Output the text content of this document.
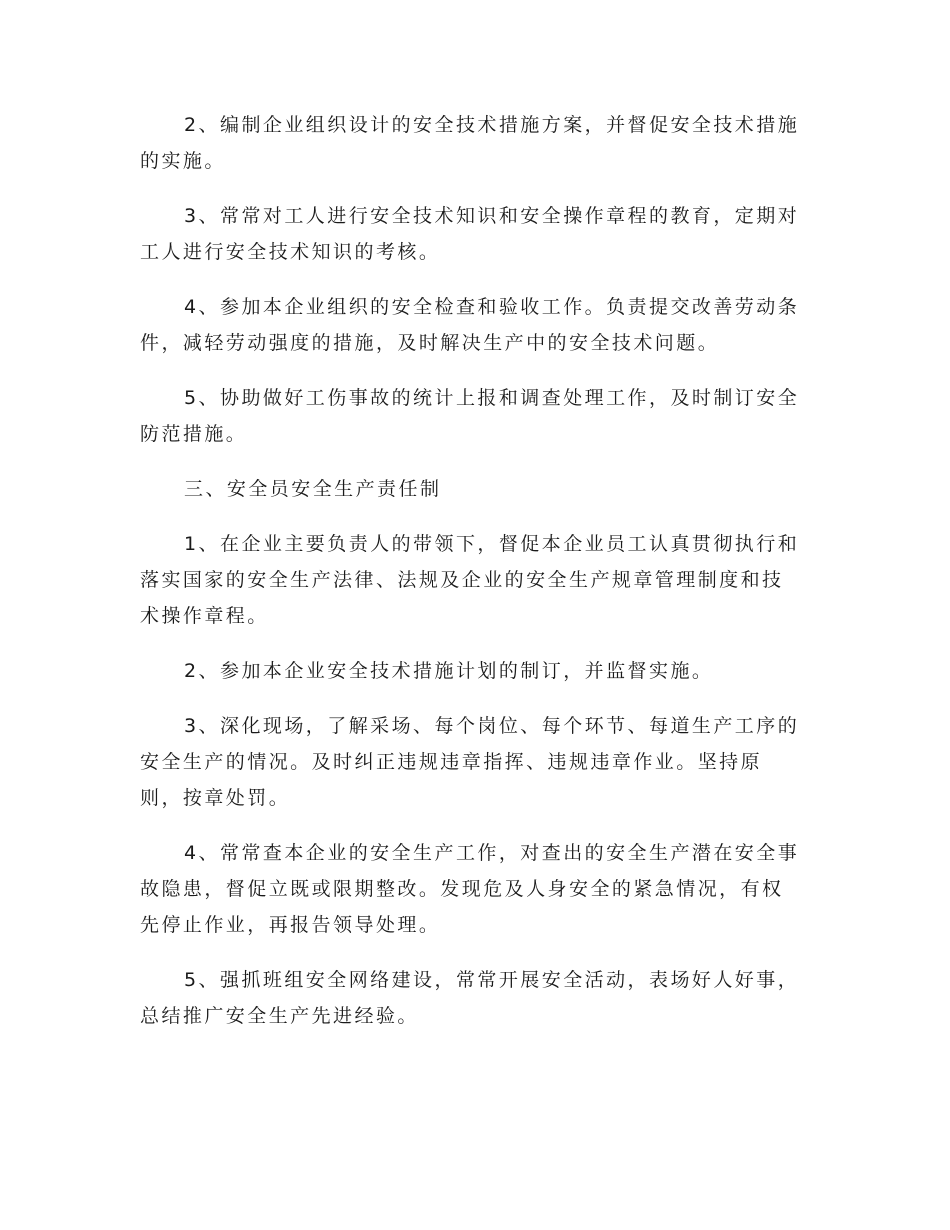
2、编制企业组织设计的安全技术措施方案，并督促安全技术措施
的实施。

3、常常对工人进行安全技术知识和安全操作章程的教育，定期对
工人进行安全技术知识的考核。

4、参加本企业组织的安全检查和验收工作。负责提交改善劳动条
件，减轻劳动强度的措施，及时解决生产中的安全技术问题。

5、协助做好工伤事故的统计上报和调查处理工作，及时制订安全
防范措施。

三、安全员安全生产责任制

1、在企业主要负责人的带领下，督促本企业员工认真贯彻执行和
落实国家的安全生产法律、法规及企业的安全生产规章管理制度和技
术操作章程。

2、参加本企业安全技术措施计划的制订，并监督实施。

3、深化现场，了解采场、每个岗位、每个环节、每道生产工序的
安全生产的情况。及时纠正违规违章指挥、违规违章作业。坚持原
则，按章处罚。

4、常常查本企业的安全生产工作，对查出的安全生产潜在安全事
故隐患，督促立既或限期整改。发现危及人身安全的紧急情况，有权
先停止作业，再报告领导处理。

5、强抓班组安全网络建设，常常开展安全活动，表场好人好事，
总结推广安全生产先进经验。
